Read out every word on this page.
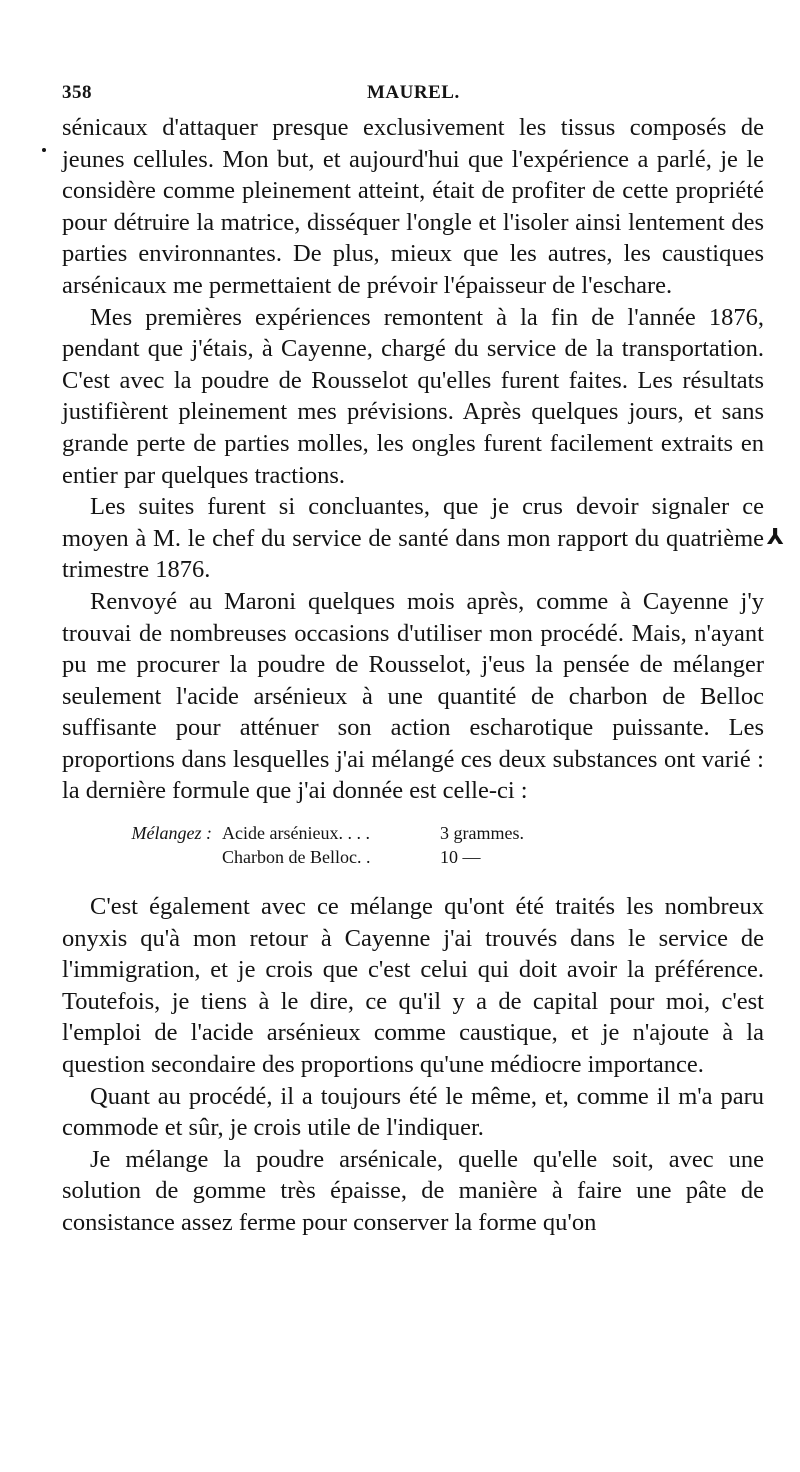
358	MAUREL.

sénicaux d'attaquer presque exclusivement les tissus composés de jeunes cellules. Mon but, et aujourd'hui que l'expérience a parlé, je le considère comme pleinement atteint, était de profiter de cette propriété pour détruire la matrice, disséquer l'ongle et l'isoler ainsi lentement des parties environnantes. De plus, mieux que les autres, les caustiques arsénicaux me permettaient de prévoir l'épaisseur de l'eschare.

Mes premières expériences remontent à la fin de l'année 1876, pendant que j'étais, à Cayenne, chargé du service de la transportation. C'est avec la poudre de Rousselot qu'elles furent faites. Les résultats justifièrent pleinement mes prévisions. Après quelques jours, et sans grande perte de parties molles, les ongles furent facilement extraits en entier par quelques tractions.

Les suites furent si concluantes, que je crus devoir signaler ce moyen à M. le chef du service de santé dans mon rapport du quatrième trimestre 1876.

Renvoyé au Maroni quelques mois après, comme à Cayenne j'y trouvai de nombreuses occasions d'utiliser mon procédé. Mais, n'ayant pu me procurer la poudre de Rousselot, j'eus la pensée de mélanger seulement l'acide arsénieux à une quantité de charbon de Belloc suffisante pour atténuer son action escharotique puissante. Les proportions dans lesquelles j'ai mélangé ces deux substances ont varié : la dernière formule que j'ai donnée est celle-ci :

Mélangez : Acide arsénieux. . . .	3 grammes.
Charbon de Belloc. .	10 —

C'est également avec ce mélange qu'ont été traités les nombreux onyxis qu'à mon retour à Cayenne j'ai trouvés dans le service de l'immigration, et je crois que c'est celui qui doit avoir la préférence. Toutefois, je tiens à le dire, ce qu'il y a de capital pour moi, c'est l'emploi de l'acide arsénieux comme caustique, et je n'ajoute à la question secondaire des proportions qu'une médiocre importance.

Quant au procédé, il a toujours été le même, et, comme il m'a paru commode et sûr, je crois utile de l'indiquer.

Je mélange la poudre arsénicale, quelle qu'elle soit, avec une solution de gomme très épaisse, de manière à faire une pâte de consistance assez ferme pour conserver la forme qu'on

⅄
